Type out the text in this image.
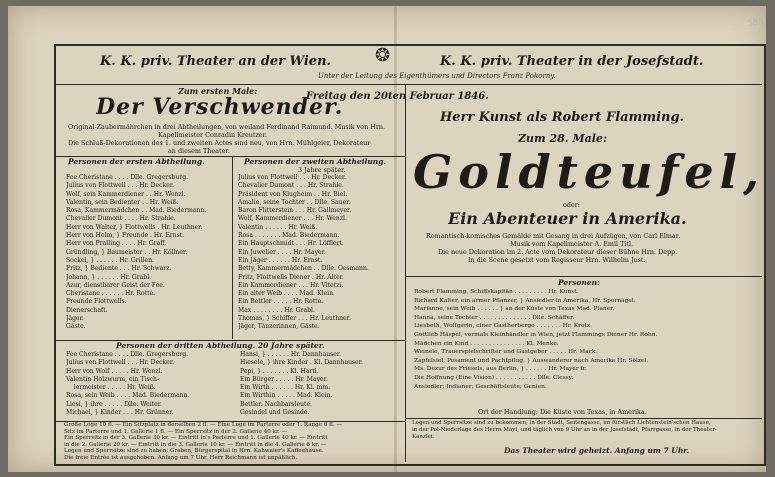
595
K. K. priv. Theater an der Wien. ❂	K. K. priv. Theater in der Josefstadt.
Unter der Leitung des Eigenthümers und Directors Franz Pokorny.
Zum ersten Male:
Der Verschwender.
Original-Zaubermährchen in drei Abtheilungen, von weiland Ferdinand Raimund. Musik von Hrn.
Kapellmeister Conradin Kreutzer.
Die Schluß-Dekorationen des 1. und zweiten Actes sind neu, von Hrn. Mühlgeier, Dekorateur
an diesem Theater.
Personen der ersten Abtheilung.	Personen der zweiten Abtheilung.
3 Jahre später.
Fee Cheristane . . . . Dlle. Gregersburg.
Julius von Flottwell . . . Hr. Decker.
Wolf, sein Kammerdiener . . Hr. Wenzl.
Valentin, sein Bedienter . . Hr. Weiß.
Rosa, Kammermädchen . . Mad. Biedermann.
Chevalier Dumont . . . . Hr. Strahle.
Herr von Walter, } Flottwells . Hr. Leuthner.
Herr von Helm, } Freunde . Hr. Ernst.
Herr von Pralling . . . . Hr. Graff.
Gründling, } Baumeister . . Hr. Köllner.
Sockel, } . . . . . . Hr. Grillen.
Fritz, } Bediente . . . Hr. Schwarz.
Johann, } . . . . . . Hr. Grabl.
Azur, dienstbarer Geist der Fee.
Cheristane . . . . . . Hr. Rotte.
Freunde Flottwells.
Dienerschaft.
Jäger.
Gäste.
Julius von Flottwell . . . Hr. Decker.
Chevalier Dumont . . . Hr. Strahle.
Präsident von Klugheim . . Hr. Biel.
Amalie, seine Tochter . . Dlle. Sauer.
Baron Flitterstein . . . Hr. Gallmeyer.
Wolf, Kammerdiener . . . Hr. Wenzl.
Valentin . . . . . . Hr. Weiß.
Rosa . . . . . . . Mad. Biedermann.
Ein Hauptschmidt . . . Hr. Löfflert.
Ein Juwelier . . . . Hr. Mayer.
Ein Jäger . . . . . . Hr. Ernst.
Betty, Kammermädchen . . Dlle. Oesmann.
Fritz, Flottwells Diener . Hr. Alter.
Ein Kammerdiener . . . Hr. Vitetzi.
Ein alter Weib . . . . Mad. Klein.
Ein Bettler . . . . . Hr. Rotte.
Max . . . . . . . . Hr. Grabl.
Thomas, } Schiffer . . . Hr. Leuthner.
Jäger, Tänzerinnen, Gäste.
Personen der dritten Abtheilung. 20 Jahre später.
Fee Cheristane . . . . Dlle. Gregersburg.
Julius von Flottwell . . . Hr. Decker.
Herr von Wolf . . . . . Hr. Wenzl.
Valentin Holzwurm, ein Tisch-
lermeister . . . . . Hr. Weiß.
Rosa, sein Weib . . . . Mad. Biedermann.
Liesi, } ihre . . . . . Dlle. Weiter.
Michael, } Kinder . . . Hr. Grünner.
Hansi, } . . . . . . Hr. Dannhauser.
Hiesele, } ihre Kinder . Kl. Dannhauser.
Pepi, } . . . . . . . Kl. Hartl.
Ein Bürger . . . . . Hr. Mayer.
Ein Wirth . . . . . . Hr. Kl. mm.
Ein Wirthin . . . . . Mad. Klein.
Bettler. Nachbarsleute.
Gesindel und Gesinde.
Große Loge 10 fl. — Ein Sitzplatz in derselben 2 fl. — Eine Loge im Parterre oder 1. Range 6 fl. —
Sitz im Parterre und 1. Gallerie 1 fl. — Ein Sperrsitz in der 2. Gallerie 40 kr. —
Ein Sperrsitz in der 3. Gallerie 30 kr. — Eintritt in's Parterre und 1. Gallerie 40 kr. — Eintritt
in die 2. Gallerie 20 kr. — Eintritt in die 3. Gallerie 10 kr. — Eintritt in die 4. Gallerie 6 kr. —
Logen und Sperrsitze sind zu haben: Graben, Bürgerspital in Hrn. Kahwaier's Kaffeehause.
Die freie Entrée ist ausgehoben. Anfang um 7 Uhr. Herr Reichmann ist unpäßlich.
Freitag den 20ten Februar 1846.
Herr Kunst als Robert Flamming.
Zum 28. Male:
Goldteufel,
oder:
Ein Abenteuer in Amerika.
Romantisch-komisches Gemälde mit Gesang in drei Aufzügen, von Carl Elmar.
Musik vom Kapellmeister A. Emil Titl.
Die neue Dekoration im 2. Acte vom Dekorateur dieser Bühne Hrn. Depp.
In die Scene gesetzt vom Regisseur Hrn. Wilhelm Just.
Personen:
Robert Flamming, Schiffskapitän . . . . . . . . . Hr. Kunst.
Richard Kalter, ein armer Pflanzer, } Ansiedler in Amerika, Hr. Spornagel.
Marianne, sein Weib . . . . . . } an der Küste von Texas Mad. Planer.
Hanna, seine Tochter . . . . . . . . . . . . . . Dlle. Schäffer.
Liesbeth, Wolfgerin, einer Gastherberge . . . . . . . Hr. Krotz.
Gottlieb Häspel, vormals Kleinhändler in Wien, jetzt Flammings Diener Hr. Rohn.
Mädchen ein Kind . . . . . . . . . . . . . . . Kl. Menke.
Weinele, Trauerspielschrifter und Gastgeber . . . . . Hr. Mack.
Zapfelsiel, Posament und Pachtpflug, } Auswanderer nach Amerika Hr. Sölzel.
Ms. Dezur des Friesels, aus Berlin, } . . . . . . Hr. Mayer fr.
Die Hoffnung (Eine Vision) . . . . . . . . . . . Dlle. Clessy.
Ansiedler; Indianer; Geschäftsleute; Genien.
Ort der Handlung: Die Küste von Texas, in Amerika.
Logen und Sperrsitze sind zu bekommen, in der Stadt, Seitengasse, im fürstlich Lichtenstein'schen Hause,
in der Pol-Niederlage des Herrn Mayl, und täglich von 9 Uhr an in der Josefstadt, Pfarrgasse, in der Theater-
Kanzlei.
Das Theater wird geheizt. Anfang um 7 Uhr.
